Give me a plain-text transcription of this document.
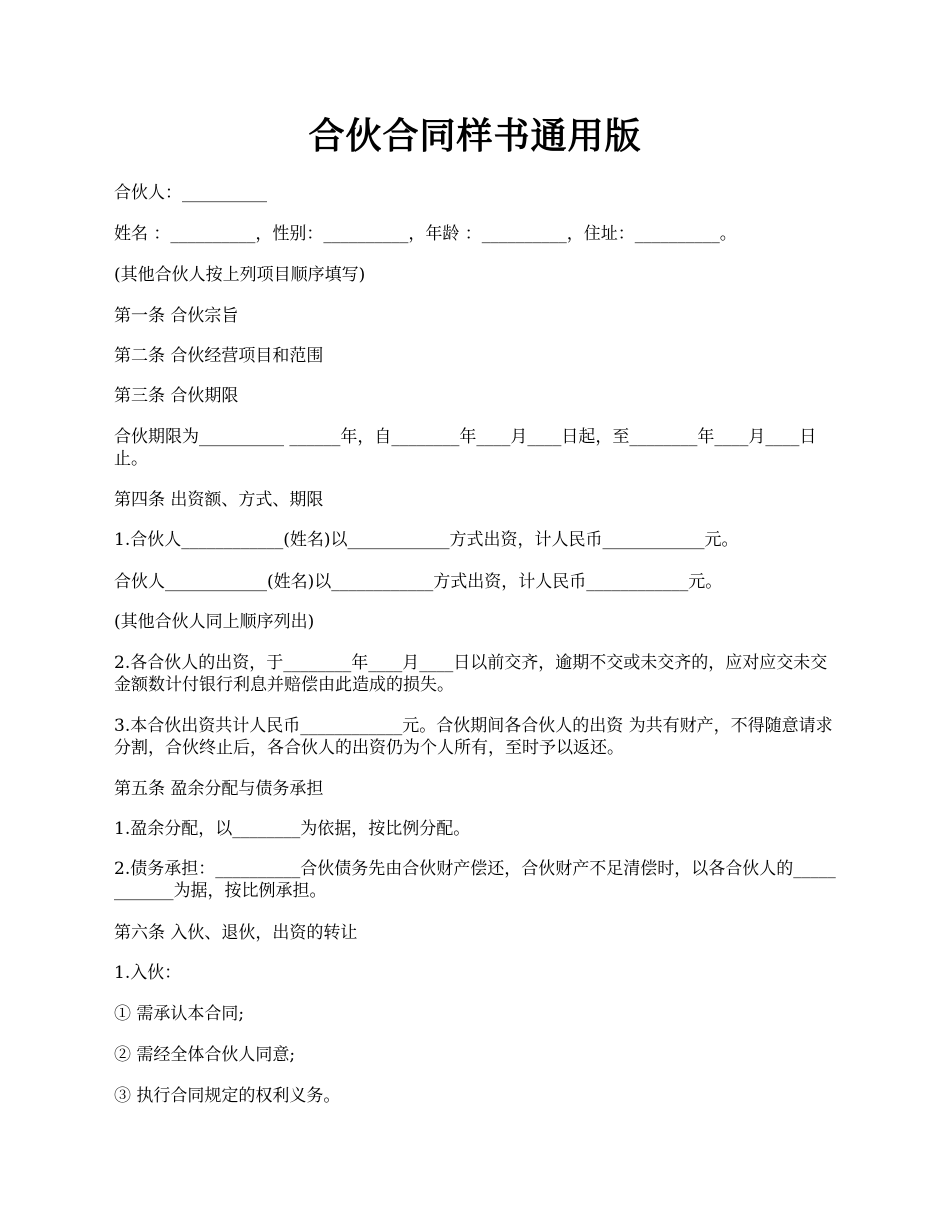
合伙合同样书通用版
合伙人：__________
姓名 ：__________，性别：__________，年龄 ：__________，住址：__________。
(其他合伙人按上列项目顺序填写)
第一条 合伙宗旨
第二条 合伙经营项目和范围
第三条 合伙期限
合伙期限为__________ ______年，自________年____月____日起，至________年____月____日止。
第四条 出资额、方式、期限
1.合伙人____________(姓名)以____________方式出资，计人民币____________元。
合伙人____________(姓名)以____________方式出资，计人民币____________元。
(其他合伙人同上顺序列出)
2.各合伙人的出资，于________年____月____日以前交齐，逾期不交或未交齐的，应对应交未交金额数计付银行利息并赔偿由此造成的损失。
3.本合伙出资共计人民币____________元。合伙期间各合伙人的出资 为共有财产，不得随意请求分割，合伙终止后，各合伙人的出资仍为个人所有，至时予以返还。
第五条 盈余分配与债务承担
1.盈余分配，以________为依据，按比例分配。
2.债务承担：__________合伙债务先由合伙财产偿还，合伙财产不足清偿时，以各合伙人的____________为据，按比例承担。
第六条 入伙、退伙，出资的转让
1.入伙：
① 需承认本合同;
② 需经全体合伙人同意;
③ 执行合同规定的权利义务。
